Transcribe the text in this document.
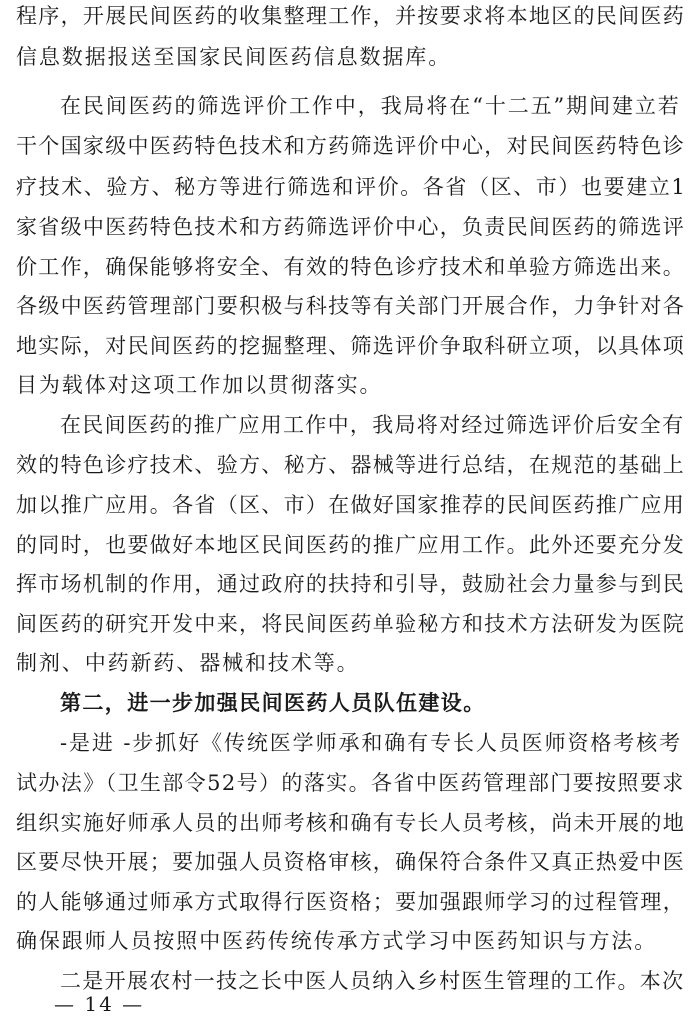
程序，开展民间医药的收集整理工作，并按要求将本地区的民间医药
信息数据报送至国家民间医药信息数据库。
在民间医药的筛选评价工作中，我局将在“十二五”期间建立若
干个国家级中医药特色技术和方药筛选评价中心，对民间医药特色诊
疗技术、验方、秘方等进行筛选和评价。各省（区、市）也要建立1
家省级中医药特色技术和方药筛选评价中心，负责民间医药的筛选评
价工作，确保能够将安全、有效的特色诊疗技术和单验方筛选出来。
各级中医药管理部门要积极与科技等有关部门开展合作，力争针对各
地实际，对民间医药的挖掘整理、筛选评价争取科研立项，以具体项
目为载体对这项工作加以贯彻落实。
在民间医药的推广应用工作中，我局将对经过筛选评价后安全有
效的特色诊疗技术、验方、秘方、器械等进行总结，在规范的基础上
加以推广应用。各省（区、市）在做好国家推荐的民间医药推广应用
的同时，也要做好本地区民间医药的推广应用工作。此外还要充分发
挥市场机制的作用，通过政府的扶持和引导，鼓励社会力量参与到民
间医药的研究开发中来，将民间医药单验秘方和技术方法研发为医院
制剂、中药新药、器械和技术等。
第二，进一步加强民间医药人员队伍建设。
-是进 -步抓好《传统医学师承和确有专长人员医师资格考核考
试办法》（卫生部令52号）的落实。各省中医药管理部门要按照要求
组织实施好师承人员的出师考核和确有专长人员考核，尚未开展的地
区要尽快开展；要加强人员资格审核，确保符合条件又真正热爱中医
的人能够通过师承方式取得行医资格；要加强跟师学习的过程管理，
确保跟师人员按照中医药传统传承方式学习中医药知识与方法。
二是开展农村一技之长中医人员纳入乡村医生管理的工作。本次
— 14 —
